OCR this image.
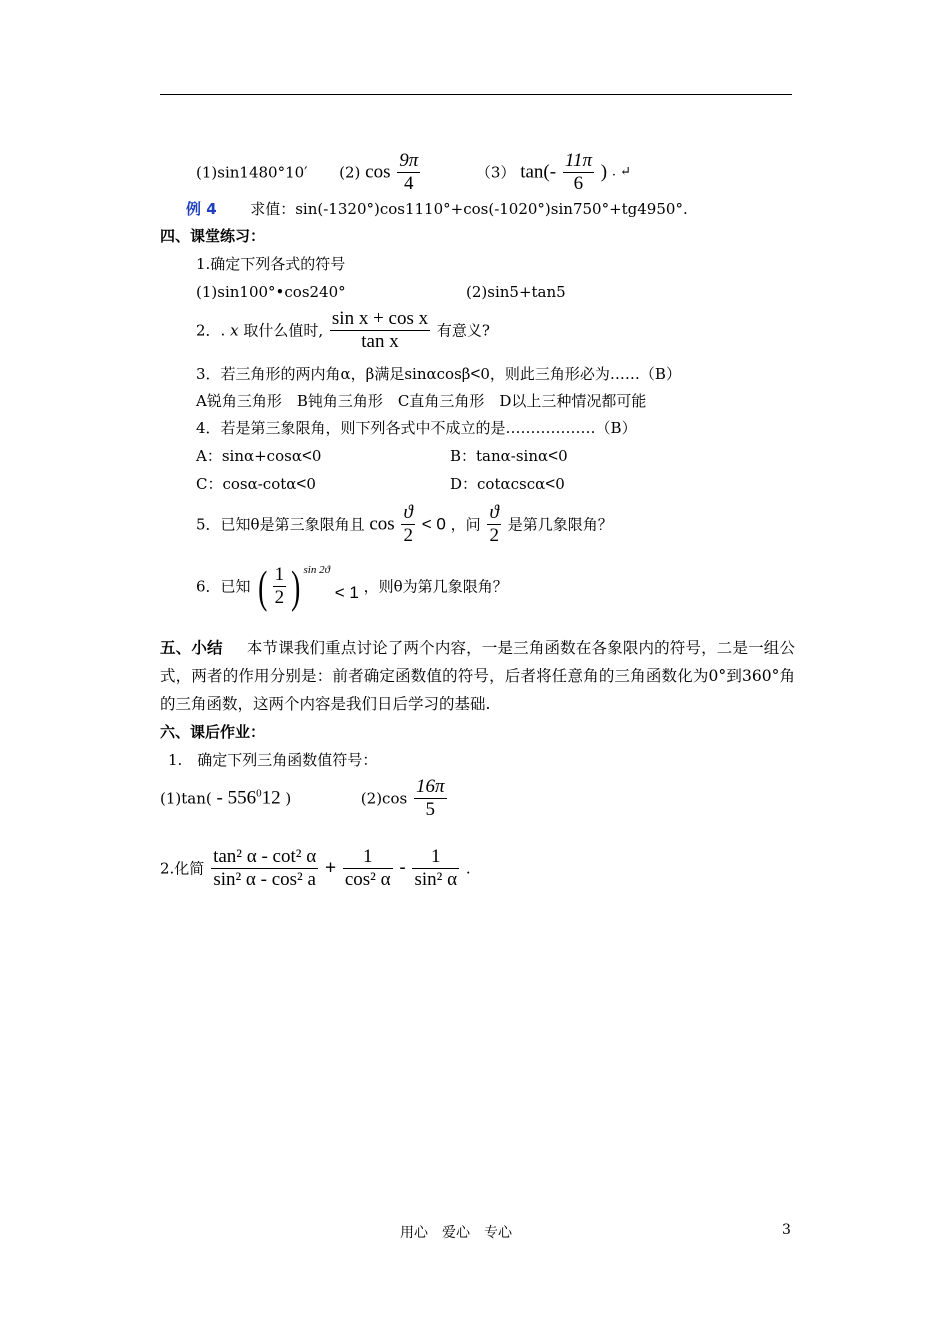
(1)sin1480°10′ (2) $\cos \frac{9\pi}{4}$	（3） $\tan(- \frac{11\pi}{6}$ ) . ↵
例 4 求值：sin(-1320°)cos1110°+cos(-1020°)sin750°+tg4950°.
四、课堂练习：
1.确定下列各式的符号
(1)sin100°•cos240°	(2)sin5+tan5
2．. x 取什么值时, $\frac{\text{sin x + cos x}}{\text{tan x}}$ 有意义?
3．若三角形的两内角α，β满足sinαcosβ<0，则此三角形必为……（B）
A锐角三角形　B钝角三角形　C直角三角形　D以上三种情况都可能
4．若是第三象限角，则下列各式中不成立的是………………（B）
A：sinα+cosα<0	B：tanα-sinα<0
C：cosα-cotα<0	D：cotαcscα<0
5．已知θ是第三象限角且 $\cos \frac{ϑ}{2} < 0$ ，问 $\frac{ϑ}{2}$ 是第几象限角？
6．已知 ( $\frac{1}{2}$ ) $^{sin 2ϑ}$ < 1 ，则θ为第几象限角？
五、小结 本节课我们重点讨论了两个内容，一是三角函数在各象限内的符号，二是一组公式，两者的作用分别是：前者确定函数值的符号，后者将任意角的三角函数化为0°到360°角的三角函数，这两个内容是我们日后学习的基础.
六、课后作业：
1.　确定下列三角函数值符号：
$(1)\tan( - 556^012$ )	$(2)\cos \frac{16\pi}{5}$
2.化简 $\frac{\text{tan² α - cot² α}}{\text{sin² α - cos² a}} + \frac{1}{\text{cos² α}} - \frac{1}{\text{sin² α}}$ .
用心　爱心　专心	3
